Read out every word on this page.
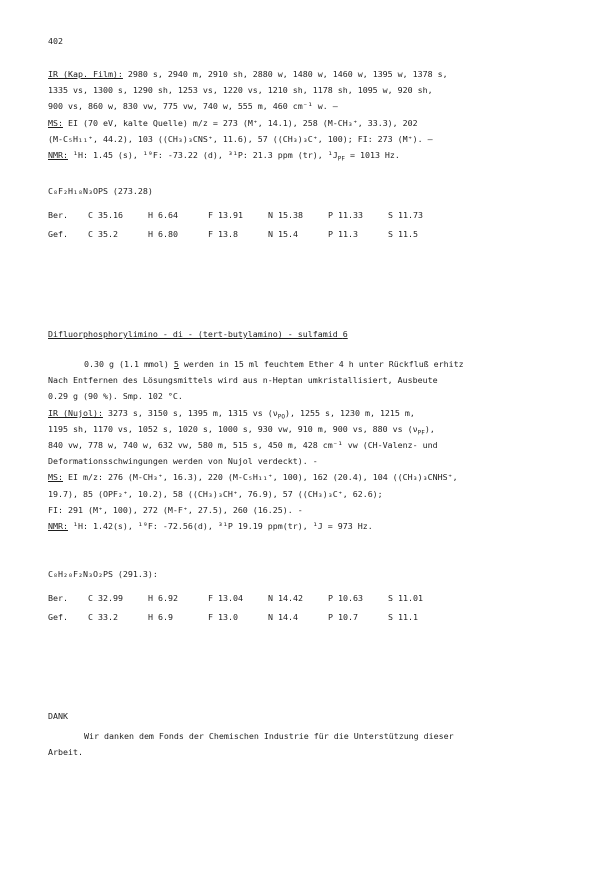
402
IR (Kap. Film): 2980 s, 2940 m, 2910 sh, 2880 w, 1480 w, 1460 w, 1395 w, 1378 s,
1335 vs, 1300 s, 1290 sh, 1253 vs, 1220 vs, 1210 sh, 1178 sh, 1095 w, 920 sh,
900 vs, 860 w, 830 vw, 775 vw, 740 w, 555 m, 460 cm⁻¹ w. –
MS: EI (70 eV, kalte Quelle) m/z = 273 (M⁺, 14.1), 258 (M-CH₃⁺, 33.3), 202
(M-C₅H₁₁⁺, 44.2), 103 ((CH₃)₃CNS⁺, 11.6), 57 ((CH₃)₃C⁺, 100); FI: 273 (M⁺). –
NMR: ¹H: 1.45 (s), ¹⁹F: -73.22 (d), ³¹P: 21.3 ppm (tr), $^1J_{PF} = 1013$ Hz.
C₈F₂H₁₈N₃OPS (273.28)
Ber. C 35.16	H 6.64	F 13.91	N 15.38	P 11.33	S 11.73
Gef. C 35.2	H 6.80	F 13.8	N 15.4	P 11.3	S 11.5
Difluorphosphorylimino - di - (tert-butylamino) - sulfamid 6
0.30 g (1.1 mmol) 5 werden in 15 ml feuchtem Ether 4 h unter Rückfluß erhitz
Nach Entfernen des Lösungsmittels wird aus n-Heptan umkristallisiert, Ausbeute
0.29 g (90 %). Smp. 102 °C.
IR (Nujol): 3273 s, 3150 s, 1395 m, 1315 vs $(\nu_{PO})$, 1255 s, 1230 m, 1215 m,
1195 sh, 1170 vs, 1052 s, 1020 s, 1000 s, 930 vw, 910 m, 900 vs, 880 vs $(\nu_{PF})$,
840 vw, 778 w, 740 w, 632 vw, 580 m, 515 s, 450 m, 428 cm⁻¹ vw (CH-Valenz- und
Deformationsschwingungen werden von Nujol verdeckt). -
MS: EI m/z: 276 (M-CH₃⁺, 16.3), 220 (M-C₅H₁₁⁺, 100), 162 (20.4), 104 ((CH₃)₃CNHS⁺,
19.7), 85 (OPF₂⁺, 10.2), 58 ((CH₃)₃CH⁺, 76.9), 57 ((CH₃)₃C⁺, 62.6);
FI: 291 (M⁺, 100), 272 (M-F⁺, 27.5), 260 (16.25). -
NMR: ¹H: 1.42(s), ¹⁹F: -72.56(d), ³¹P 19.19 ppm(tr), ¹J = 973 Hz.
C₈H₂₀F₂N₃O₂PS (291.3):
Ber. C 32.99	H 6.92	F 13.04	N 14.42	P 10.63	S 11.01
Gef. C 33.2	H 6.9	F 13.0	N 14.4	P 10.7	S 11.1
DANK
Wir danken dem Fonds der Chemischen Industrie für die Unterstützung dieser
Arbeit.
